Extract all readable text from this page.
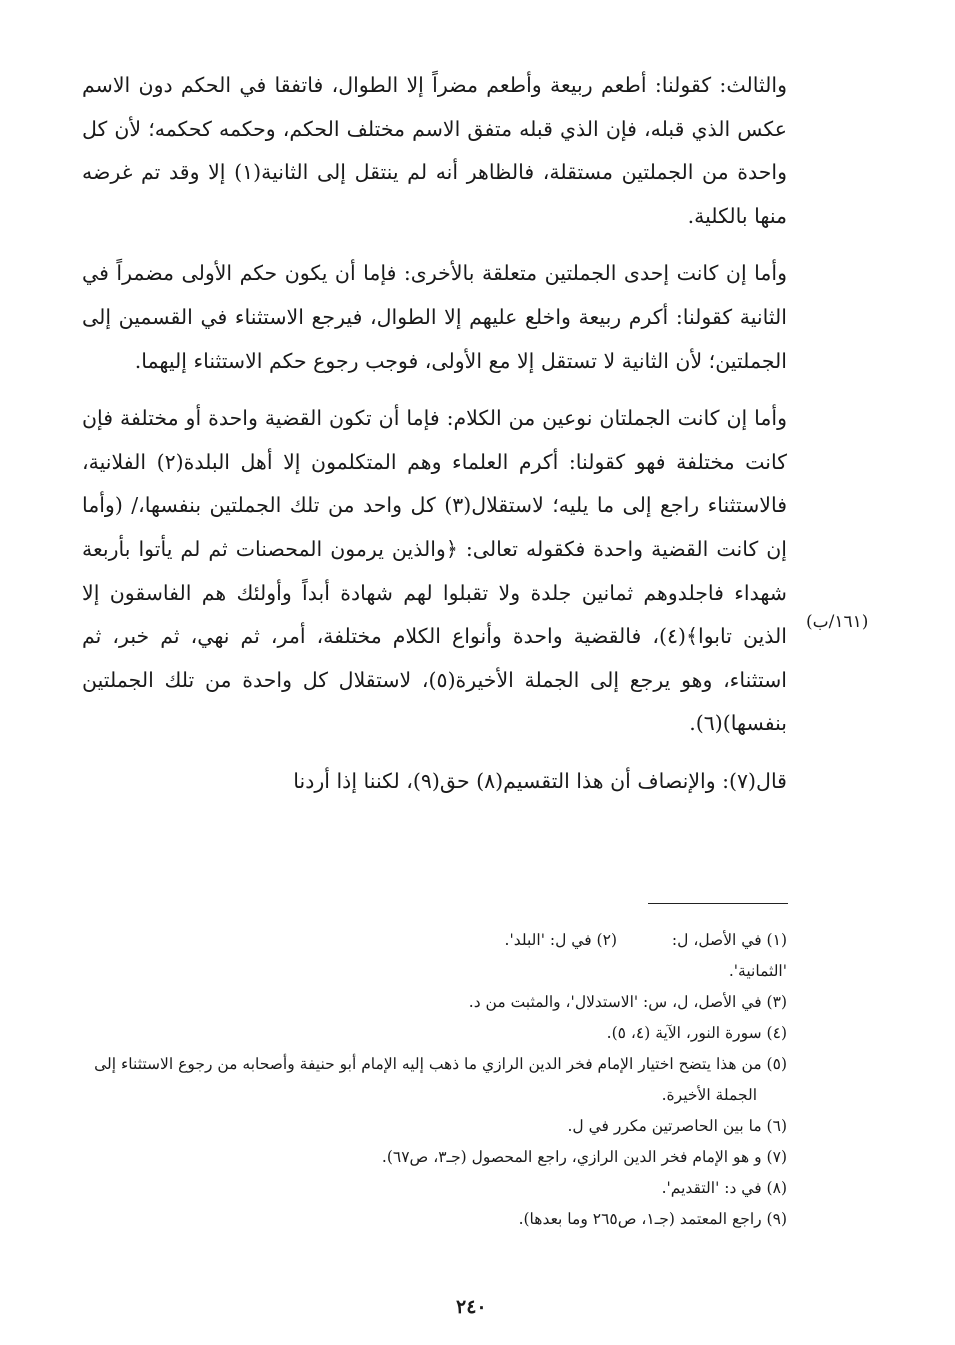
والثالث: كقولنا: أطعم ربيعة وأطعم مضراً إلا الطوال، فاتفقا في الحكم دون الاسم عكس الذي قبله، فإن الذي قبله متفق الاسم مختلف الحكم، وحكمه كحكمه؛ لأن كل واحدة من الجملتين مستقلة، فالظاهر أنه لم ينتقل إلى الثانية(١) إلا وقد تم غرضه منها بالكلية.

وأما إن كانت إحدى الجملتين متعلقة بالأخرى: فإما أن يكون حكم الأولى مضمراً في الثانية كقولنا: أكرم ربيعة واخلع عليهم إلا الطوال، فيرجع الاستثناء في القسمين إلى الجملتين؛ لأن الثانية لا تستقل إلا مع الأولى، فوجب رجوع حكم الاستثناء إليهما.

وأما إن كانت الجملتان نوعين من الكلام: فإما أن تكون القضية واحدة أو مختلفة فإن كانت مختلفة فهو كقولنا: أكرم العلماء وهم المتكلمون إلا أهل البلدة(٢) الفلانية، فالاستثناء راجع إلى ما يليه؛ لاستقلال(٣) كل واحد من تلك الجملتين بنفسها،/ (وأما إن كانت القضية واحدة فكقوله تعالى: ﴿والذين يرمون المحصنات ثم لم يأتوا بأربعة شهداء فاجلدوهم ثمانين جلدة ولا تقبلوا لهم شهادة أبداً وأولئك هم الفاسقون إلا الذين تابوا﴾(٤)، فالقضية واحدة وأنواع الكلام مختلفة، أمر، ثم نهي، ثم خبر، ثم استثناء، وهو يرجع إلى الجملة الأخيرة(٥)، لاستقلال كل واحدة من تلك الجملتين بنفسها)(٦).

قال(٧): والإنصاف أن هذا التقسيم(٨) حق(٩)، لكننا إذا أردنا

(١٦١/ب)

(١) في الأصل، ل: 'الثمانية'.

(٢) في ل: 'البلد'.

(٣) في الأصل، ل، س: 'الاستدلال'، والمثبت من د.

(٤) سورة النور، الآية (٤، ٥).

(٥) من هذا يتضح اختيار الإمام فخر الدين الرازي ما ذهب إليه الإمام أبو حنيفة وأصحابه من رجوع الاستثناء إلى الجملة الأخيرة.

(٦) ما بين الحاصرتين مكرر في ل.

(٧) و هو الإمام فخر الدين الرازي، راجع المحصول (جـ٣، ص٦٧).

(٨) في د: 'التقديم'.

(٩) راجع المعتمد (جـ١، ص٢٦٥ وما بعدها).

٢٤٠
